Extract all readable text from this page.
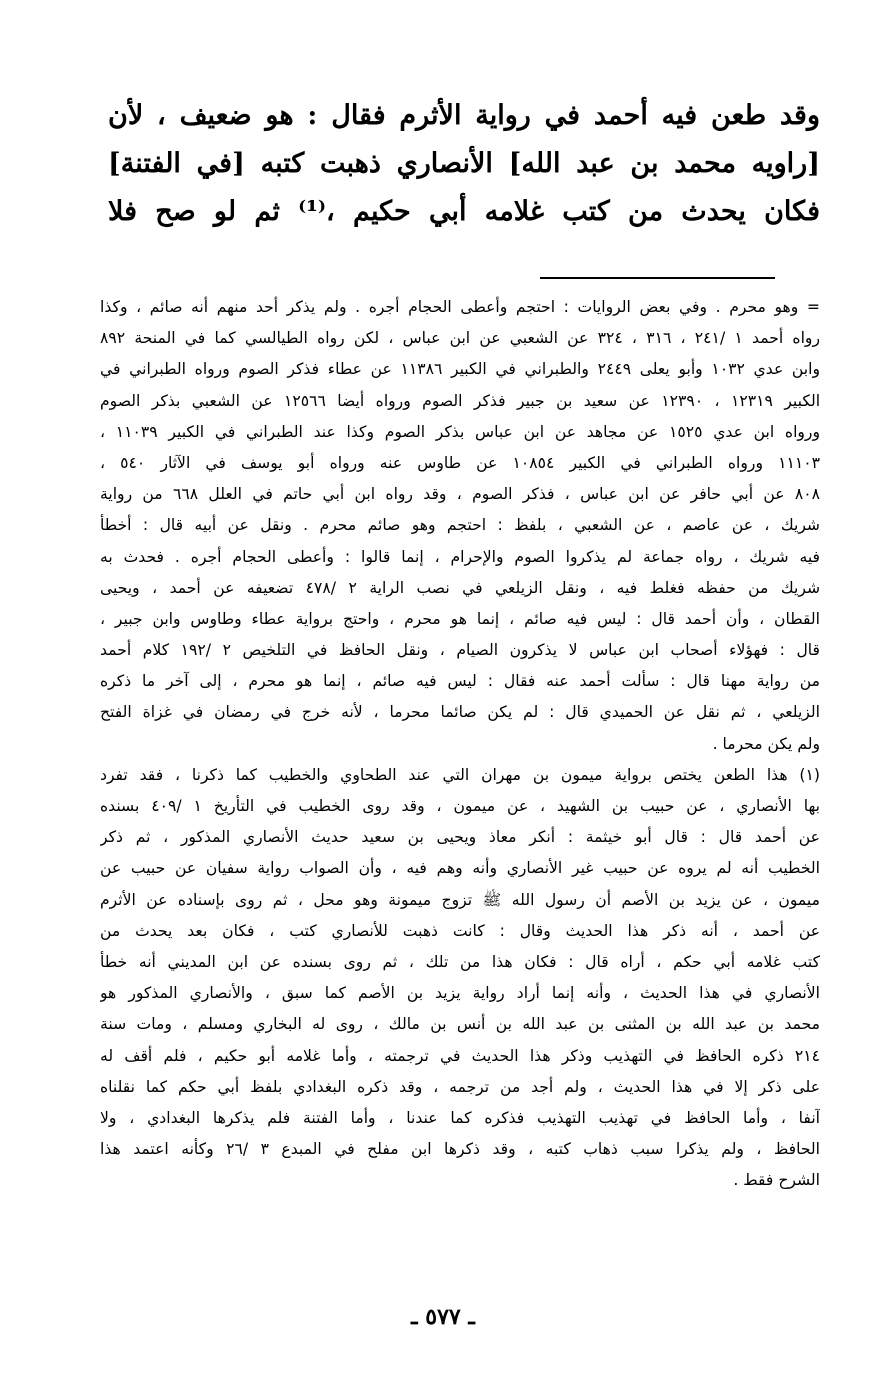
وقد طعن فيه أحمد في رواية الأثرم فقال : هو ضعيف ، لأن
[راويه محمد بن عبد الله] الأنصاري ذهبت كتبه [في الفتنة]
فكان يحدث من كتب غلامه أبي حكيم ،⁽¹⁾ ثم لو صح فلا
= وهو محرم . وفي بعض الروايات : احتجم وأعطى الحجام أجره . ولم يذكر أحد منهم أنه صائم ، وكذا
رواه أحمد ١ /٢٤١ ، ٣١٦ ، ٣٢٤ عن الشعبي عن ابن عباس ، لكن رواه الطيالسي كما في المنحة ٨٩٢
وابن عدي ١٠٣٢ وأبو يعلى ٢٤٤٩ والطبراني في الكبير ١١٣٨٦ عن عطاء فذكر الصوم ورواه الطبراني في
الكبير ١٢٣١٩ ، ١٢٣٩٠ عن سعيد بن جبير فذكر الصوم ورواه أيضا ١٢٥٦٦ عن الشعبي بذكر الصوم
ورواه ابن عدي ١٥٢٥ عن مجاهد عن ابن عباس بذكر الصوم وكذا عند الطبراني في الكبير ١١٠٣٩ ،
١١١٠٣ ورواه الطبراني في الكبير ١٠٨٥٤ عن طاوس عنه ورواه أبو يوسف في الآثار ٥٤٠ ،
٨٠٨ عن أبي حافر عن ابن عباس ، فذكر الصوم ، وقد رواه ابن أبي حاتم في العلل ٦٦٨ من رواية
شريك ، عن عاصم ، عن الشعبي ، بلفظ : احتجم وهو صائم محرم . ونقل عن أبيه قال : أخطأ
فيه شريك ، رواه جماعة لم يذكروا الصوم والإحرام ، إنما قالوا : وأعطى الحجام أجره . فحدث به
شريك من حفظه فغلط فيه ، ونقل الزيلعي في نصب الراية ٢ /٤٧٨ تضعيفه عن أحمد ، ويحيى
القطان ، وأن أحمد قال : ليس فيه صائم ، إنما هو محرم ، واحتج برواية عطاء وطاوس وابن جبير ،
قال : فهؤلاء أصحاب ابن عباس لا يذكرون الصيام ، ونقل الحافظ في التلخيص ٢ /١٩٢ كلام أحمد
من رواية مهنا قال : سألت أحمد عنه فقال : ليس فيه صائم ، إنما هو محرم ، إلى آخر ما ذكره
الزيلعي ، ثم نقل عن الحميدي قال : لم يكن صائما محرما ، لأنه خرج في رمضان في غزاة الفتح
ولم يكن محرما .
(١) هذا الطعن يختص برواية ميمون بن مهران التي عند الطحاوي والخطيب كما ذكرنا ، فقد تفرد
بها الأنصاري ، عن حبيب بن الشهيد ، عن ميمون ، وقد روى الخطيب في التأريخ ١ /٤٠٩ بسنده
عن أحمد قال : قال أبو خيثمة : أنكر معاذ ويحيى بن سعيد حديث الأنصاري المذكور ، ثم ذكر
الخطيب أنه لم يروه عن حبيب غير الأنصاري وأنه وهم فيه ، وأن الصواب رواية سفيان عن حبيب عن
ميمون ، عن يزيد بن الأصم أن رسول الله ﷺ تزوج ميمونة وهو محل ، ثم روى بإسناده عن الأثرم
عن أحمد ، أنه ذكر هذا الحديث وقال : كانت ذهبت للأنصاري كتب ، فكان بعد يحدث من
كتب غلامه أبي حكم ، أراه قال : فكان هذا من تلك ، ثم روى بسنده عن ابن المديني أنه خطأ
الأنصاري في هذا الحديث ، وأنه إنما أراد رواية يزيد بن الأصم كما سبق ، والأنصاري المذكور هو
محمد بن عبد الله بن المثنى بن عبد الله بن أنس بن مالك ، روى له البخاري ومسلم ، ومات سنة
٢١٤ ذكره الحافظ في التهذيب وذكر هذا الحديث في ترجمته ، وأما غلامه أبو حكيم ، فلم أقف له
على ذكر إلا في هذا الحديث ، ولم أجد من ترجمه ، وقد ذكره البغدادي بلفظ أبي حكم كما نقلناه
آنفا ، وأما الحافظ في تهذيب التهذيب فذكره كما عندنا ، وأما الفتنة فلم يذكرها البغدادي ، ولا
الحافظ ، ولم يذكرا سبب ذهاب كتبه ، وقد ذكرها ابن مفلح في المبدع ٣ /٢٦ وكأنه اعتمد هذا
الشرح فقط .
ـ ٥٧٧ ـ
